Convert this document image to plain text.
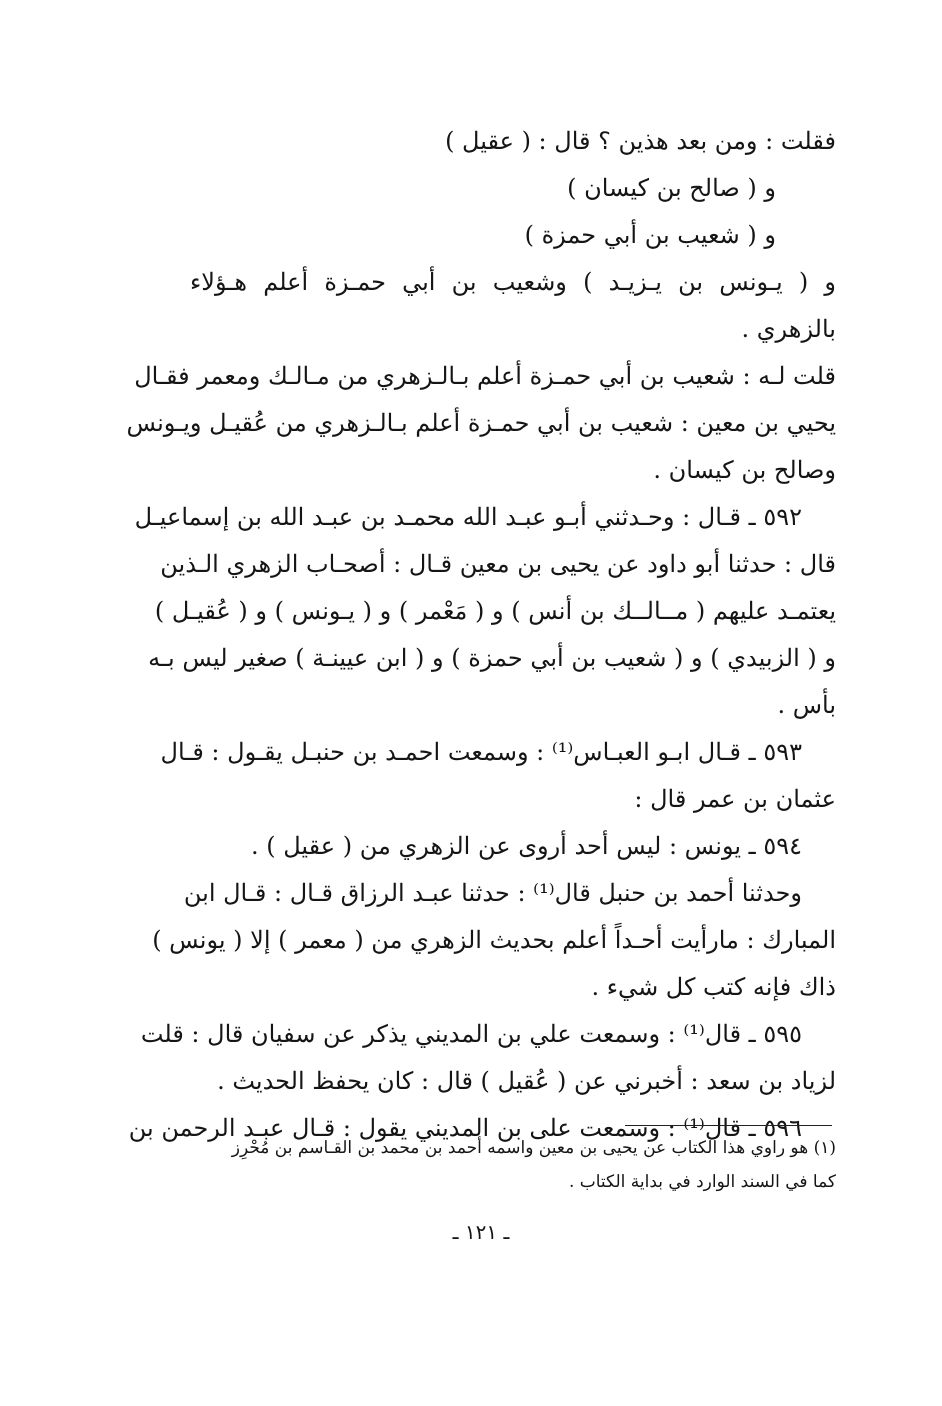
فقلت : ومن بعد هذين ؟ قال : ( عقيل )
و ( صالح بن كيسان )
و ( شعيب بن أبي حمزة )
و ( يـونس بن يـزيـد ) وشعيب بن أبي حمـزة أعلم هـؤلاء
بالزهري .
قلت لـه : شعيب بن أبي حمـزة أعلم بـالـزهري من مـالـك ومعمر فقـال
يحيي بن معين : شعيب بن أبي حمـزة أعلم بـالـزهري من عُقيـل ويـونس
وصالح بن كيسان .
٥٩٢ ـ قـال : وحـدثني أبـو عبـد الله محمـد بن عبـد الله بن إسماعيـل
قال : حدثنا أبو داود عن يحيى بن معين قـال : أصحـاب الزهري الـذين
يعتمـد عليهم ( مــالــك بن أنس ) و ( مَعْمر ) و ( يـونس ) و ( عُقيـل )
و ( الزبيدي ) و ( شعيب بن أبي حمزة ) و ( ابن عيينـة ) صغير ليس بـه
بأس .
٥٩٣ ـ قـال ابـو العبـاس⁽¹⁾ : وسمعت احمـد بن حنبـل يقـول : قـال
عثمان بن عمر قال :
٥٩٤ ـ يونس : ليس أحد أروى عن الزهري من ( عقيل ) .
وحدثنا أحمد بن حنبل قال⁽¹⁾ : حدثنا عبـد الرزاق قـال : قـال ابن
المبارك : مارأيت أحـداً أعلم بحديث الزهري من ( معمر ) إلا ( يونس )
ذاك فإنه كتب كل شيء .
٥٩٥ ـ قال⁽¹⁾ : وسمعت علي بن المديني يذكر عن سفيان قال : قلت
لزياد بن سعد : أخبرني عن ( عُقيل ) قال : كان يحفظ الحديث .
٥٩٦ ـ قال⁽¹⁾ : وسمعت على بن المديني يقول : قـال عبـد الرحمن بن
(١) هو راوي هذا الكتاب عن يحيى بن معين واسمه أحمد بن محمد بن القـاسم بن مُحْرِز
كما في السند الوارد في بداية الكتاب .
ـ ١٢١ ـ
